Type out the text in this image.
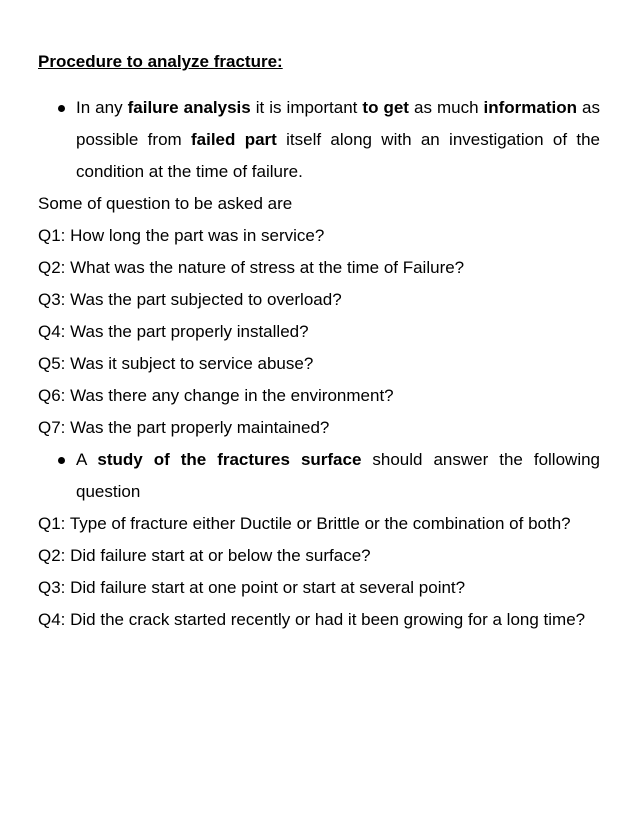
Procedure to analyze fracture:
In any failure analysis it is important to get as much information as possible from failed part itself along with an investigation of the condition at the time of failure.
Some of question to be asked are
Q1: How long the part was in service?
Q2: What was the nature of stress at the time of Failure?
Q3: Was the part subjected to overload?
Q4: Was the part properly installed?
Q5: Was it subject to service abuse?
Q6: Was there any change in the environment?
Q7: Was the part properly maintained?
A study of the fractures surface should answer the following question
Q1: Type of fracture either Ductile or Brittle or the combination of both?
Q2: Did failure start at or below the surface?
Q3: Did failure start at one point or start at several point?
Q4: Did the crack started recently or had it been growing for a long time?
